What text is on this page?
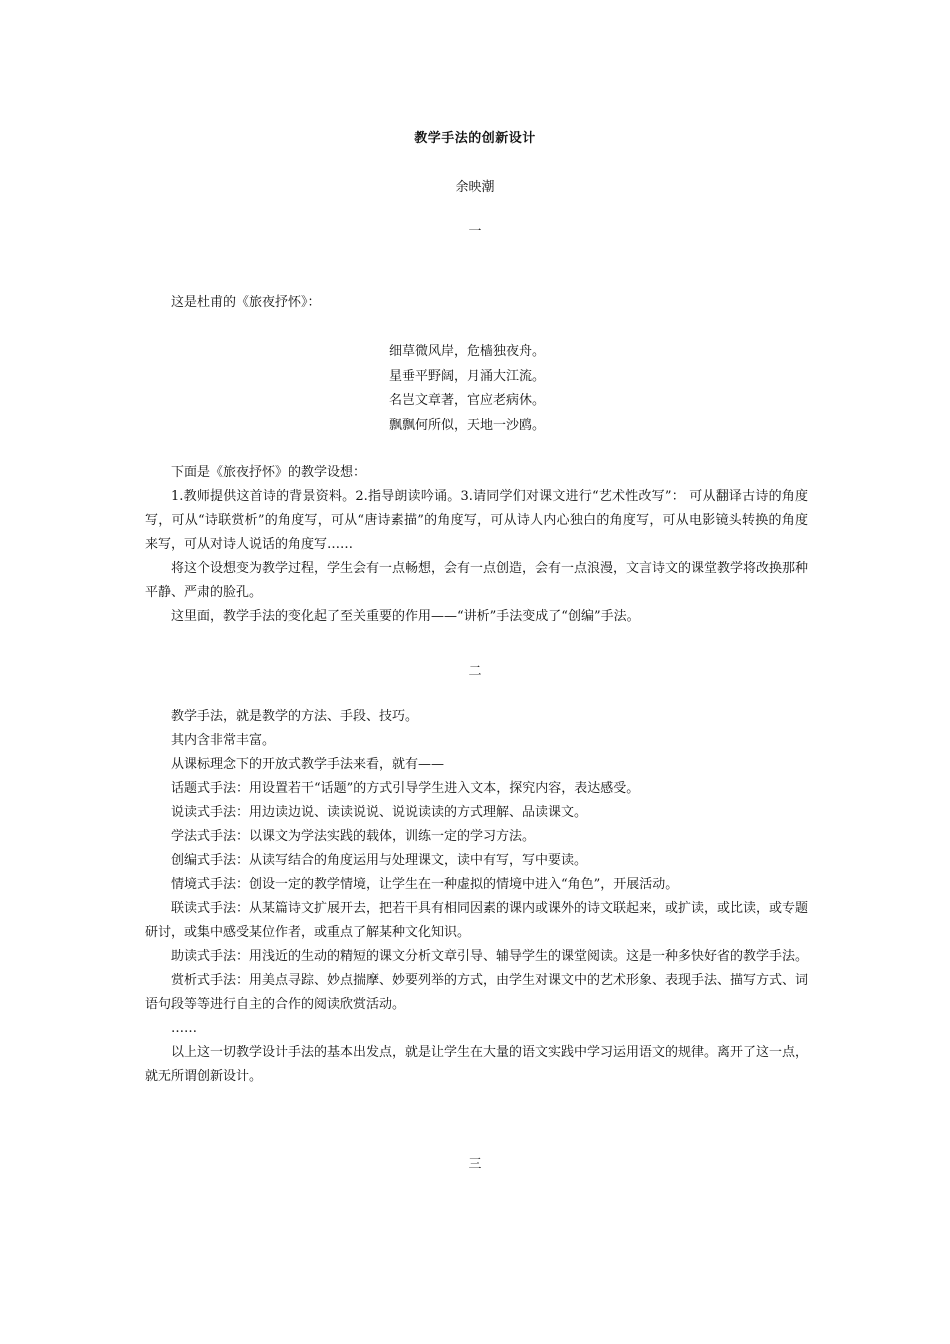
教学手法的创新设计
余映潮
一

这是杜甫的《旅夜抒怀》：

细草微风岸，危樯独夜舟。
星垂平野阔，月涌大江流。
名岂文章著，官应老病休。
飘飘何所似，天地一沙鸥。

下面是《旅夜抒怀》的教学设想：

1.教师提供这首诗的背景资料。2.指导朗读吟诵。3.请同学们对课文进行“艺术性改写”： 可从翻译古诗的角度写，可从“诗联赏析”的角度写，可从“唐诗素描”的角度写，可从诗人内心独白的角度写，可从电影镜头转换的角度来写，可从对诗人说话的角度写……

将这个设想变为教学过程，学生会有一点畅想，会有一点创造，会有一点浪漫，文言诗文的课堂教学将改换那种平静、严肃的脸孔。

这里面，教学手法的变化起了至关重要的作用——“讲析”手法变成了“创编”手法。

二

教学手法，就是教学的方法、手段、技巧。

其内含非常丰富。

从课标理念下的开放式教学手法来看，就有——

话题式手法：用设置若干“话题”的方式引导学生进入文本，探究内容，表达感受。

说读式手法：用边读边说、读读说说、说说读读的方式理解、品读课文。

学法式手法：以课文为学法实践的载体，训练一定的学习方法。

创编式手法：从读写结合的角度运用与处理课文，读中有写，写中要读。

情境式手法：创设一定的教学情境，让学生在一种虚拟的情境中进入“角色”，开展活动。

联读式手法：从某篇诗文扩展开去，把若干具有相同因素的课内或课外的诗文联起来，或扩读，或比读，或专题研讨，或集中感受某位作者，或重点了解某种文化知识。

助读式手法：用浅近的生动的精短的课文分析文章引导、辅导学生的课堂阅读。这是一种多快好省的教学手法。

赏析式手法：用美点寻踪、妙点揣摩、妙要列举的方式，由学生对课文中的艺术形象、表现手法、描写方式、词语句段等等进行自主的合作的阅读欣赏活动。

……

以上这一切教学设计手法的基本出发点，就是让学生在大量的语文实践中学习运用语文的规律。离开了这一点，就无所谓创新设计。

三
